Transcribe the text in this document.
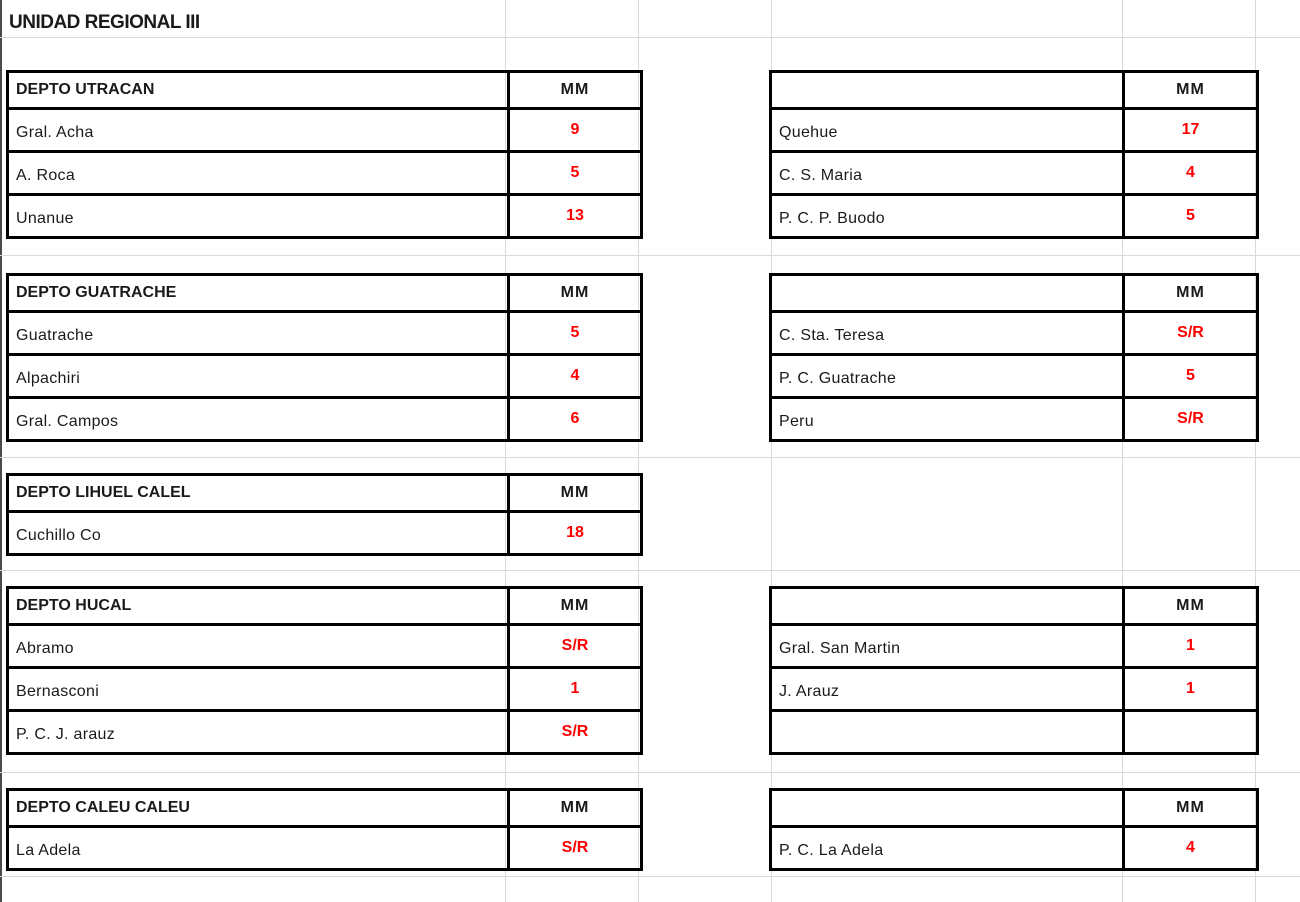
UNIDAD REGIONAL III
DEPTO UTRACAN	MM
Gral. Acha	9
A. Roca	5
Unanue	13
	MM
Quehue	17
C. S. Maria	4
P. C. P. Buodo	5
DEPTO GUATRACHE	MM
Guatrache	5
Alpachiri	4
Gral. Campos	6
	MM
C. Sta. Teresa	S/R
P. C. Guatrache	5
Peru	S/R
DEPTO LIHUEL CALEL	MM
Cuchillo Co	18
DEPTO HUCAL	MM
Abramo	S/R
Bernasconi	1
P. C. J. arauz	S/R
	MM
Gral. San Martin	1
J. Arauz	1

DEPTO CALEU CALEU	MM
La Adela	S/R
	MM
P. C. La Adela	4
